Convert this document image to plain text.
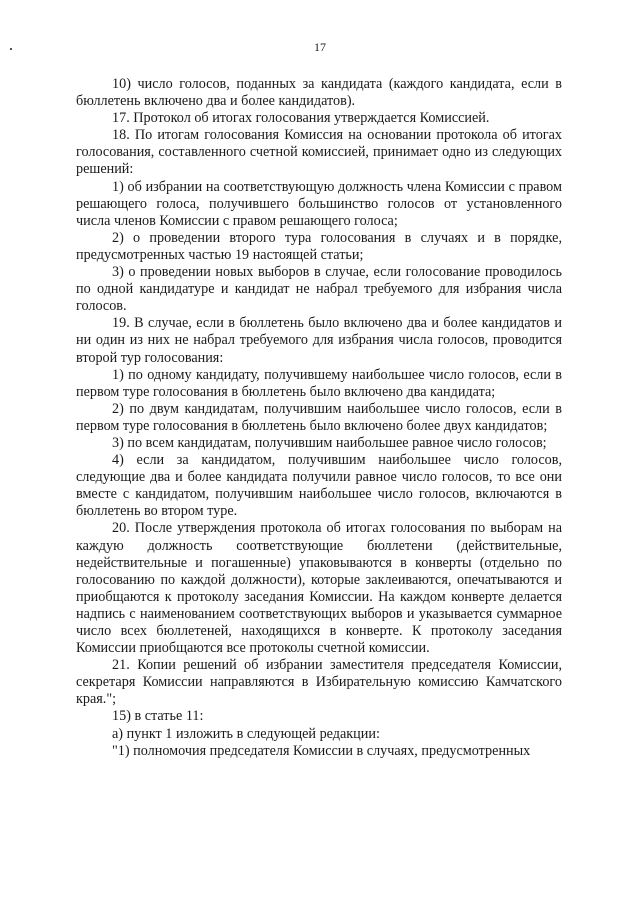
17

10) число голосов, поданных за кандидата (каждого кандидата, если в бюллетень включено два и более кандидатов).

17. Протокол об итогах голосования утверждается Комиссией.

18. По итогам голосования Комиссия на основании протокола об итогах голосования, составленного счетной комиссией, принимает одно из следующих решений:

1) об избрании на соответствующую должность члена Комиссии с правом решающего голоса, получившего большинство голосов от установленного числа членов Комиссии с правом решающего голоса;

2) о проведении второго тура голосования в случаях и в порядке, предусмотренных частью 19 настоящей статьи;

3) о проведении новых выборов в случае, если голосование проводилось по одной кандидатуре и кандидат не набрал требуемого для избрания числа голосов.

19. В случае, если в бюллетень было включено два и более кандидатов и ни один из них не набрал требуемого для избрания числа голосов, проводится второй тур голосования:

1) по одному кандидату, получившему наибольшее число голосов, если в первом туре голосования в бюллетень было включено два кандидата;

2) по двум кандидатам, получившим наибольшее число голосов, если в первом туре голосования в бюллетень было включено более двух кандидатов;

3) по всем кандидатам, получившим наибольшее равное число голосов;

4) если за кандидатом, получившим наибольшее число голосов, следующие два и более кандидата получили равное число голосов, то все они вместе с кандидатом, получившим наибольшее число голосов, включаются в бюллетень во втором туре.

20. После утверждения протокола об итогах голосования по выборам на каждую должность соответствующие бюллетени (действительные, недействительные и погашенные) упаковываются в конверты (отдельно по голосованию по каждой должности), которые заклеиваются, опечатываются и приобщаются к протоколу заседания Комиссии. На каждом конверте делается надпись с наименованием соответствующих выборов и указывается суммарное число всех бюллетеней, находящихся в конверте. К протоколу заседания Комиссии приобщаются все протоколы счетной комиссии.

21. Копии решений об избрании заместителя председателя Комиссии, секретаря Комиссии направляются в Избирательную комиссию Камчатского края.";

15) в статье 11:

а) пункт 1 изложить в следующей редакции:

"1) полномочия председателя Комиссии в случаях, предусмотренных
